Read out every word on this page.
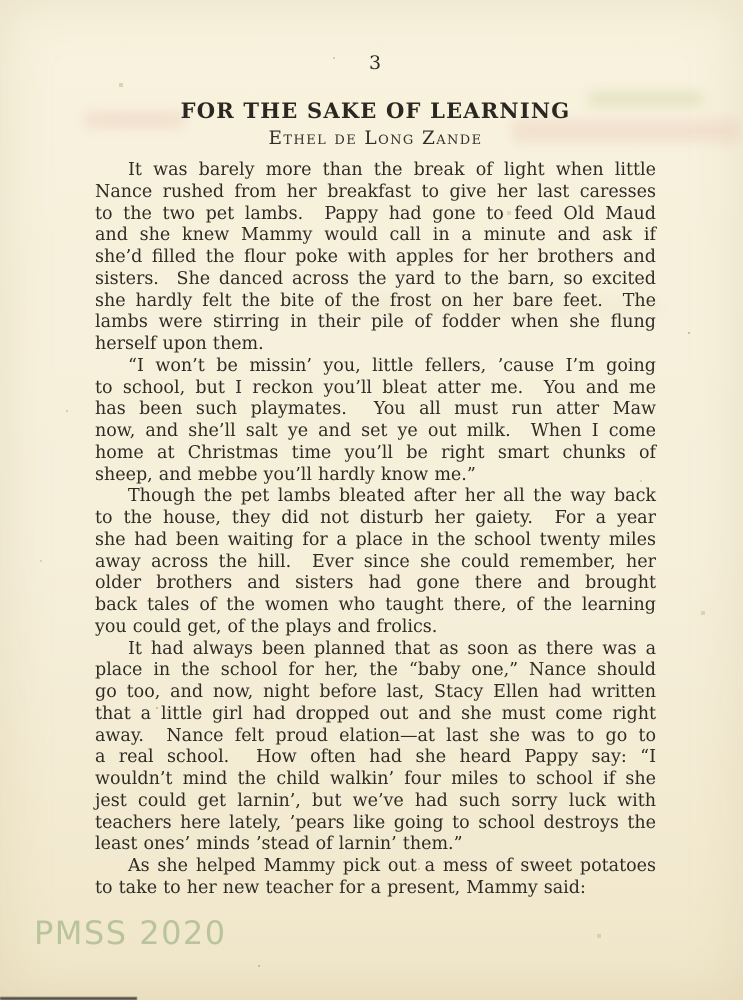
3
FOR THE SAKE OF LEARNING
Ethel de Long Zande
It was barely more than the break of light when little
Nance rushed from her breakfast to give her last caresses
to the two pet lambs.  Pappy had gone to feed Old Maud
and she knew Mammy would call in a minute and ask if
she’d filled the flour poke with apples for her brothers and
sisters.  She danced across the yard to the barn, so excited
she hardly felt the bite of the frost on her bare feet.  The
lambs were stirring in their pile of fodder when she flung
herself upon them.
“I won’t be missin’ you, little fellers, ’cause I’m going
to school, but I reckon you’ll bleat atter me.  You and me
has been such playmates.  You all must run atter Maw
now, and she’ll salt ye and set ye out milk.  When I come
home at Christmas time you’ll be right smart chunks of
sheep, and mebbe you’ll hardly know me.”
Though the pet lambs bleated after her all the way back
to the house, they did not disturb her gaiety.  For a year
she had been waiting for a place in the school twenty miles
away across the hill.  Ever since she could remember, her
older brothers and sisters had gone there and brought
back tales of the women who taught there, of the learning
you could get, of the plays and frolics.
It had always been planned that as soon as there was a
place in the school for her, the “baby one,” Nance should
go too, and now, night before last, Stacy Ellen had written
that a little girl had dropped out and she must come right
away.  Nance felt proud elation—at last she was to go to
a real school.  How often had she heard Pappy say: “I
wouldn’t mind the child walkin’ four miles to school if she
jest could get larnin’, but we’ve had such sorry luck with
teachers here lately, ’pears like going to school destroys the
least ones’ minds ’stead of larnin’ them.”
As she helped Mammy pick out a mess of sweet potatoes
to take to her new teacher for a present, Mammy said:
PMSS 2020
